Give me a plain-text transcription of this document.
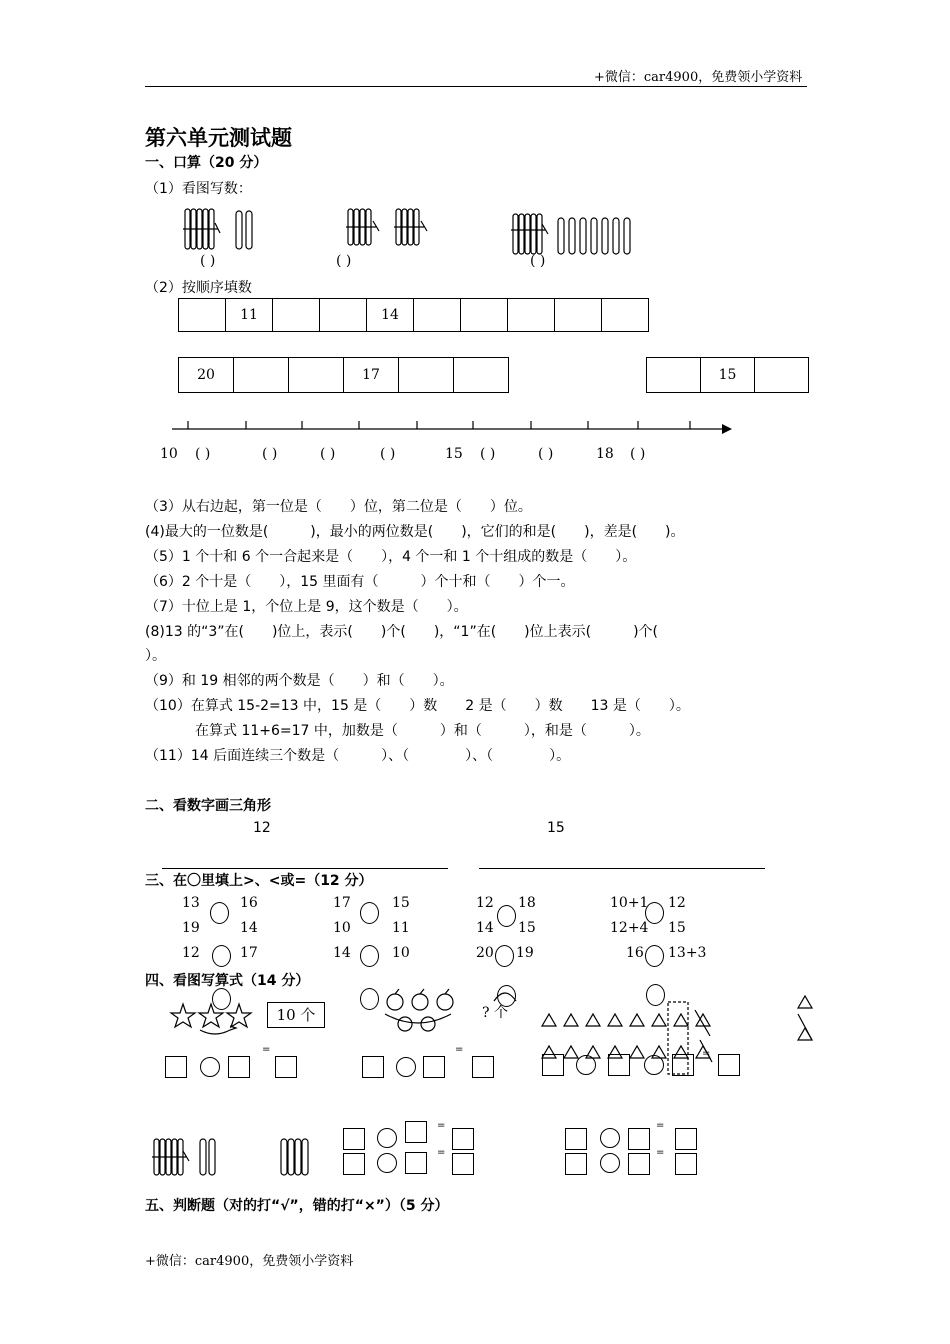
+微信：car4900，免费领小学资料
第六单元测试题
一、口算（20 分）
（1）看图写数：
( )	( )	( )
（2）按顺序填数
	11			14					
20			17		
		15	
10 ( )	( )	( )	( )	15 ( )	( )	18 ( )
（3）从右边起，第一位是（　　）位，第二位是（　　）位。
(4)最大的一位数是(　　　)，最小的两位数是(　　)，它们的和是(　　)，差是(　　)。
（5）1 个十和 6 个一合起来是（　　），4 个一和 1 个十组成的数是（　　）。
（6）2 个十是（　　），15 里面有（　　　）个十和（　　）个一。
（7）十位上是 1，个位上是 9，这个数是（　　）。
(8)13 的“3”在(　　)位上，表示(　　)个(　　)，“1”在(　　)位上表示(　　　)个(
）。
（9）和 19 相邻的两个数是（　　）和（　　）。
（10）在算式 15-2=13 中，15 是（　　）数　　2 是（　　）数　　13 是（　　）。
在算式 11+6=17 中，加数是（　　　）和（　　　），和是（　　　）。
（11）14 后面连续三个数是（　　　）、（　　　　）、（　　　　）。
二、看数字画三角形
12	15
三、在〇里填上>、<或=（12 分）
13	16	17	15	12 18	10+1 12
19	14	10	11	14 15	12+4 15
12	17	14	10	20 19	16 13+3
四、看图写算式（14 分）
10 个	? 个
=	=	=
=
=
=
=
五、判断题（对的打“√”，错的打“×”）（5 分）
+微信：car4900，免费领小学资料
